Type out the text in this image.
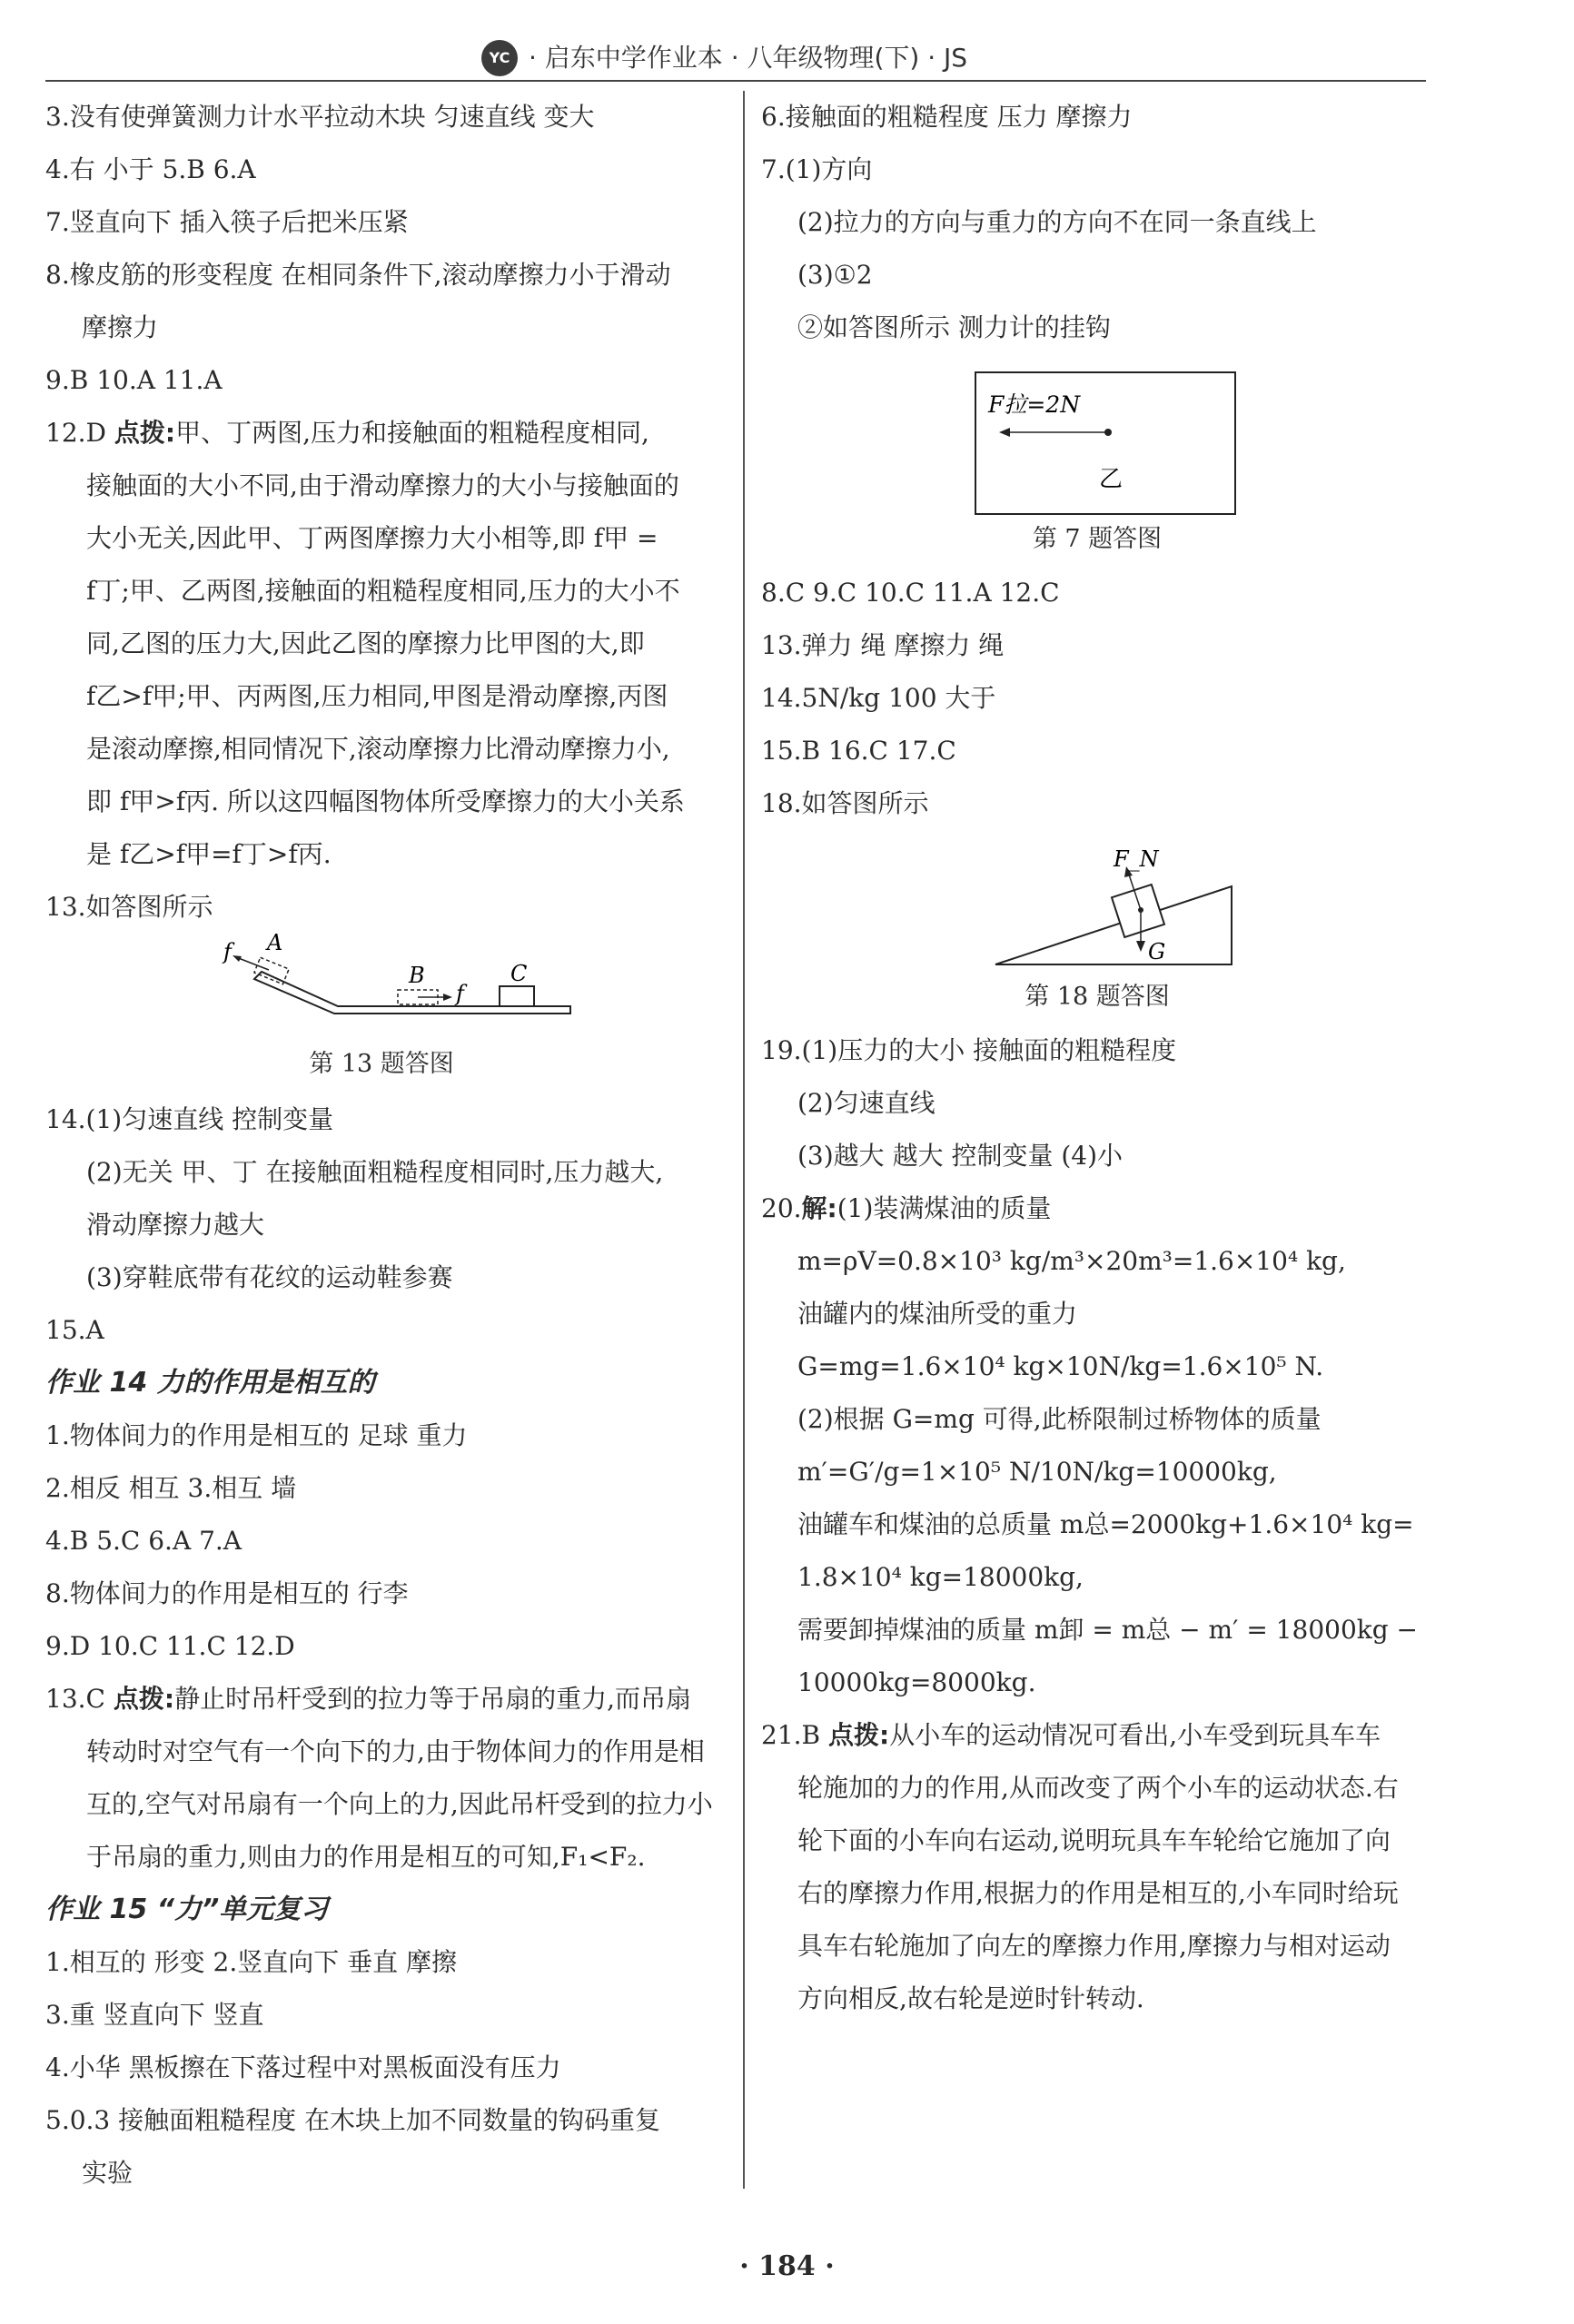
YC · 启东中学作业本 · 八年级物理(下) · JS
3.没有使弹簧测力计水平拉动木块 匀速直线 变大
4.右 小于 5.B 6.A
7.竖直向下 插入筷子后把米压紧
8.橡皮筋的形变程度 在相同条件下,滚动摩擦力小于滑动
摩擦力
9.B 10.A 11.A
12.D 点拨:甲、丁两图,压力和接触面的粗糙程度相同,
接触面的大小不同,由于滑动摩擦力的大小与接触面的
大小无关,因此甲、丁两图摩擦力大小相等,即 f甲 =
f丁;甲、乙两图,接触面的粗糙程度相同,压力的大小不
同,乙图的压力大,因此乙图的摩擦力比甲图的大,即
f乙>f甲;甲、丙两图,压力相同,甲图是滑动摩擦,丙图
是滚动摩擦,相同情况下,滚动摩擦力比滑动摩擦力小,
即 f甲>f丙. 所以这四幅图物体所受摩擦力的大小关系
是 f乙>f甲=f丁>f丙.
13.如答图所示
f A
B
f
C
第 13 题答图
14.(1)匀速直线 控制变量
(2)无关 甲、丁 在接触面粗糙程度相同时,压力越大,
滑动摩擦力越大
(3)穿鞋底带有花纹的运动鞋参赛
15.A
作业 14 力的作用是相互的
1.物体间力的作用是相互的 足球 重力
2.相反 相互 3.相互 墙
4.B 5.C 6.A 7.A
8.物体间力的作用是相互的 行李
9.D 10.C 11.C 12.D
13.C 点拨:静止时吊杆受到的拉力等于吊扇的重力,而吊扇
转动时对空气有一个向下的力,由于物体间力的作用是相
互的,空气对吊扇有一个向上的力,因此吊杆受到的拉力小
于吊扇的重力,则由力的作用是相互的可知,F₁<F₂.
作业 15 “力”单元复习
1.相互的 形变 2.竖直向下 垂直 摩擦
3.重 竖直向下 竖直
4.小华 黑板擦在下落过程中对黑板面没有压力
5.0.3 接触面粗糙程度 在木块上加不同数量的钩码重复
实验
6.接触面的粗糙程度 压力 摩擦力
7.(1)方向
(2)拉力的方向与重力的方向不在同一条直线上
(3)①2
②如答图所示 测力计的挂钩
F拉=2N
乙
第 7 题答图
8.C 9.C 10.C 11.A 12.C
13.弹力 绳 摩擦力 绳
14.5N/kg 100 大于
15.B 16.C 17.C
18.如答图所示
F_N
G
第 18 题答图
19.(1)压力的大小 接触面的粗糙程度
(2)匀速直线
(3)越大 越大 控制变量 (4)小
20.解:(1)装满煤油的质量
m=ρV=0.8×10³ kg/m³×20m³=1.6×10⁴ kg,
油罐内的煤油所受的重力
G=mg=1.6×10⁴ kg×10N/kg=1.6×10⁵ N.
(2)根据 G=mg 可得,此桥限制过桥物体的质量
m′=G′/g=1×10⁵ N/10N/kg=10000kg,
油罐车和煤油的总质量 m总=2000kg+1.6×10⁴ kg=
1.8×10⁴ kg=18000kg,
需要卸掉煤油的质量 m卸 = m总 − m′ = 18000kg −
10000kg=8000kg.
21.B 点拨:从小车的运动情况可看出,小车受到玩具车车
轮施加的力的作用,从而改变了两个小车的运动状态.右
轮下面的小车向右运动,说明玩具车车轮给它施加了向
右的摩擦力作用,根据力的作用是相互的,小车同时给玩
具车右轮施加了向左的摩擦力作用,摩擦力与相对运动
方向相反,故右轮是逆时针转动.
· 184 ·
